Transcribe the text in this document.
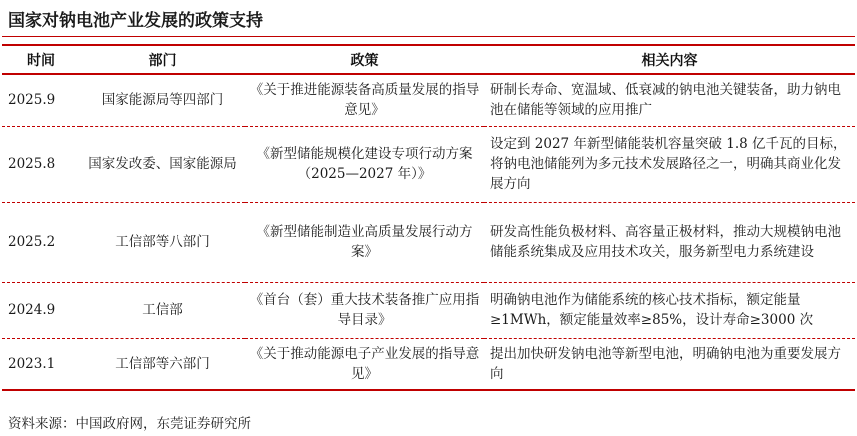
国家对钠电池产业发展的政策支持
时间	部门	政策	相关内容
2025.9	国家能源局等四部门	《关于推进能源装备高质量发展的指导意见》	研制长寿命、宽温域、低衰减的钠电池关键装备，助力钠电池在储能等领域的应用推广
2025.8	国家发改委、国家能源局	《新型储能规模化建设专项行动方案（2025—2027 年）》	设定到 2027 年新型储能装机容量突破 1.8 亿千瓦的目标，将钠电池储能列为多元技术发展路径之一，明确其商业化发展方向
2025.2	工信部等八部门	《新型储能制造业高质量发展行动方案》	研发高性能负极材料、高容量正极材料，推动大规模钠电池储能系统集成及应用技术攻关，服务新型电力系统建设
2024.9	工信部	《首台（套）重大技术装备推广应用指导目录》	明确钠电池作为储能系统的核心技术指标，额定能量≥1MWh，额定能量效率≥85%，设计寿命≥3000 次
2023.1	工信部等六部门	《关于推动能源电子产业发展的指导意见》	提出加快研发钠电池等新型电池，明确钠电池为重要发展方向
资料来源：中国政府网，东莞证券研究所
